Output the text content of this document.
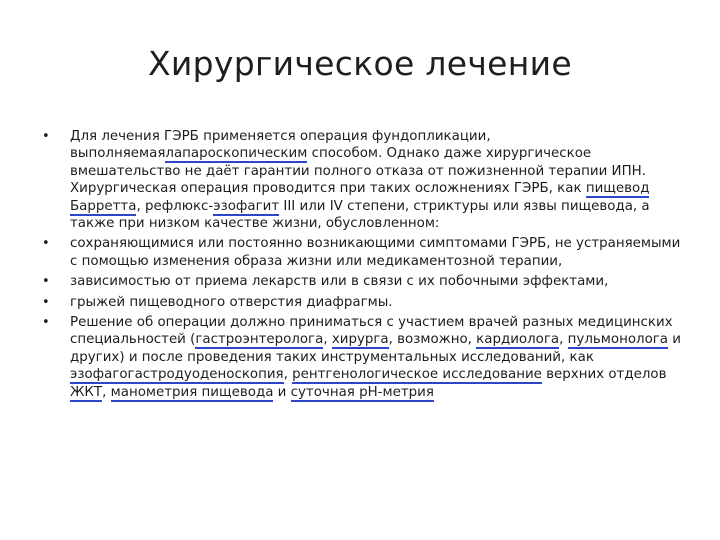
Хирургическое лечение
• Для лечения ГЭРБ применяется операция фундопликации, выполняемаялапароскопическим способом. Однако даже хирургическое вмешательство не даёт гарантии полного отказа от пожизненной терапии ИПН. Хирургическая операция проводится при таких осложнениях ГЭРБ, как пищевод Барретта, рефлюкс-эзофагит III или IV степени, стриктуры или язвы пищевода, а также при низком качестве жизни, обусловленном:
• сохраняющимися или постоянно возникающими симптомами ГЭРБ, не устраняемыми с помощью изменения образа жизни или медикаментозной терапии,
• зависимостью от приема лекарств или в связи с их побочными эффектами,
• грыжей пищеводного отверстия диафрагмы.
• Решение об операции должно приниматься с участием врачей разных медицинских специальностей (гастроэнтеролога, хирурга, возможно, кардиолога, пульмонолога и других) и после проведения таких инструментальных исследований, как эзофагогастродуоденоскопия, рентгенологическое исследование верхних отделов ЖКТ, манометрия пищевода и суточная pH-метрия
